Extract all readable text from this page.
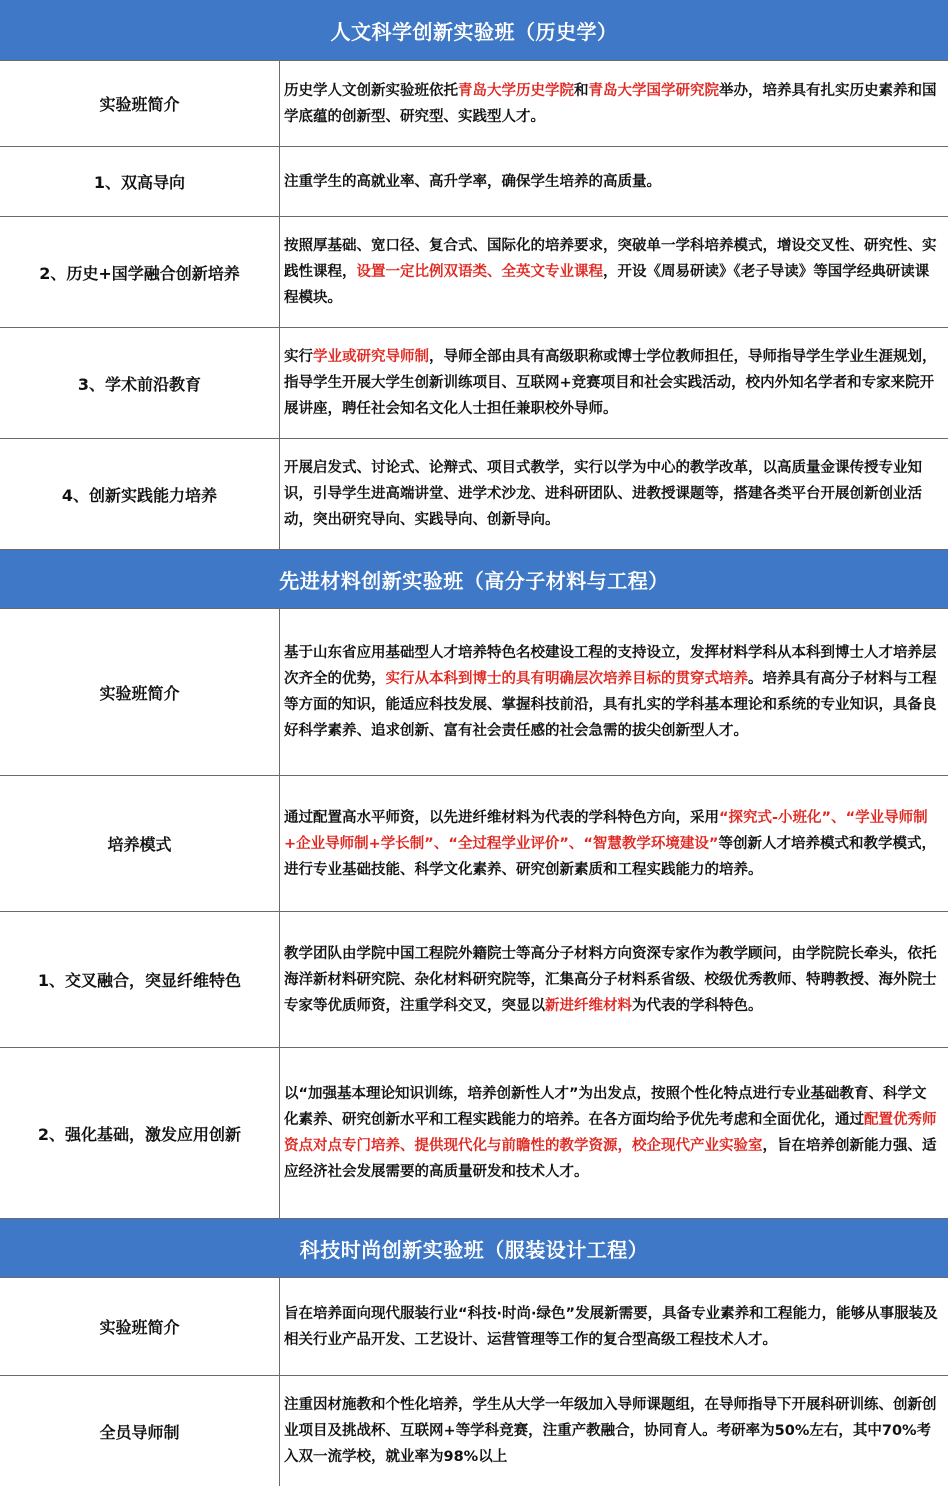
人文科学创新实验班（历史学）
实验班简介

历史学人文创新实验班依托青岛大学历史学院和青岛大学国学研究院举办，培养具有扎实历史素养和国学底蕴的创新型、研究型、实践型人才。

1、双高导向	注重学生的高就业率、高升学率，确保学生培养的高质量。

2、历史+国学融合创新培养

按照厚基础、宽口径、复合式、国际化的培养要求，突破单一学科培养模式，增设交叉性、研究性、实践性课程，设置一定比例双语类、全英文专业课程，开设《周易研读》《老子导读》等国学经典研读课程模块。

3、学术前沿教育

实行学业或研究导师制，导师全部由具有高级职称或博士学位教师担任，导师指导学生学业生涯规划，指导学生开展大学生创新训练项目、互联网+竞赛项目和社会实践活动，校内外知名学者和专家来院开展讲座，聘任社会知名文化人士担任兼职校外导师。

4、创新实践能力培养

开展启发式、讨论式、论辩式、项目式教学，实行以学为中心的教学改革，以高质量金课传授专业知识，引导学生进高端讲堂、进学术沙龙、进科研团队、进教授课题等，搭建各类平台开展创新创业活动，突出研究导向、实践导向、创新导向。

先进材料创新实验班（高分子材料与工程）
实验班简介

基于山东省应用基础型人才培养特色名校建设工程的支持设立，发挥材料学科从本科到博士人才培养层次齐全的优势，实行从本科到博士的具有明确层次培养目标的贯穿式培养。培养具有高分子材料与工程等方面的知识，能适应科技发展、掌握科技前沿，具有扎实的学科基本理论和系统的专业知识，具备良好科学素养、追求创新、富有社会责任感的社会急需的拔尖创新型人才。

培养模式

通过配置高水平师资，以先进纤维材料为代表的学科特色方向，采用“探究式-小班化”、“学业导师制+企业导师制+学长制”、“全过程学业评价”、“智慧教学环境建设”等创新人才培养模式和教学模式，进行专业基础技能、科学文化素养、研究创新素质和工程实践能力的培养。

1、交叉融合，突显纤维特色

教学团队由学院中国工程院外籍院士等高分子材料方向资深专家作为教学顾问，由学院院长牵头，依托海洋新材料研究院、杂化材料研究院等，汇集高分子材料系省级、校级优秀教师、特聘教授、海外院士专家等优质师资，注重学科交叉，突显以新进纤维材料为代表的学科特色。

2、强化基础，激发应用创新

以“加强基本理论知识训练，培养创新性人才”为出发点，按照个性化特点进行专业基础教育、科学文化素养、研究创新水平和工程实践能力的培养。在各方面均给予优先考虑和全面优化，通过配置优秀师资点对点专门培养、提供现代化与前瞻性的教学资源，校企现代产业实验室，旨在培养创新能力强、适应经济社会发展需要的高质量研发和技术人才。

科技时尚创新实验班（服装设计工程）
实验班简介

旨在培养面向现代服装行业“科技·时尚·绿色”发展新需要，具备专业素养和工程能力，能够从事服装及相关行业产品开发、工艺设计、运营管理等工作的复合型高级工程技术人才。

全员导师制

注重因材施教和个性化培养，学生从大学一年级加入导师课题组，在导师指导下开展科研训练、创新创业项目及挑战杯、互联网+等学科竞赛，注重产教融合，协同育人。考研率为50%左右，其中70%考入双一流学校，就业率为98%以上
